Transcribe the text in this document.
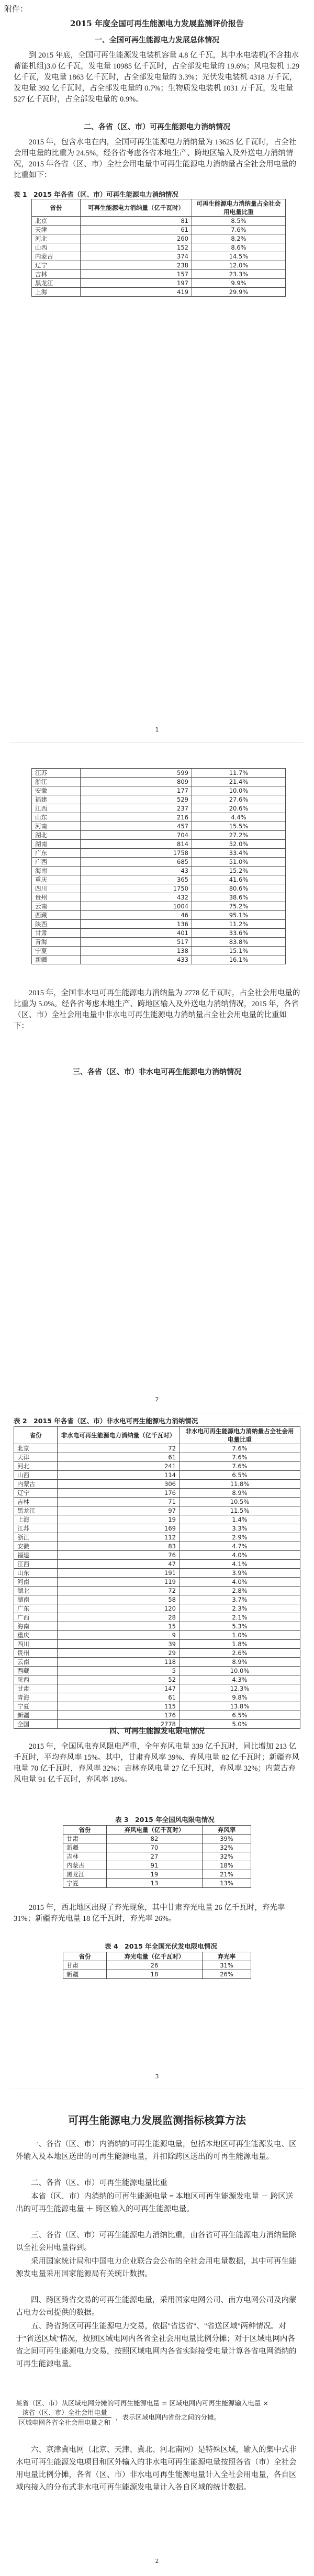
附件：
2015 年度全国可再生能源电力发展监测评价报告
一、全国可再生能源电力发展总体情况

到 2015 年底，全国可再生能源发电装机容量 4.8 亿千瓦，其中水电装机(不含抽水蓄能机组)3.0 亿千瓦，发电量 10985 亿千瓦时，占全部发电量的 19.6%；风电装机 1.29 亿千瓦，发电量 1863 亿千瓦时，占全部发电量的 3.3%；光伏发电装机 4318 万千瓦，发电量 392 亿千瓦时，占全部发电量的 0.7%；生物质发电装机 1031 万千瓦，发电量 527 亿千瓦时，占全部发电量的 0.9%。

二、各省（区、市）可再生能源电力消纳情况

2015 年，包含水电在内，全国可再生能源电力消纳量为 13625 亿千瓦时，占全社会用电量的比重为 24.5%，经各省考虑各省本地生产、跨地区输入及外送电力消纳情况，2015 年各省（区、市）全社会用电量中可再生能源电力消纳量占全社会用电量的比重如下：

表 1　2015 年各省（区、市）可再生能源电力消纳情况
省份	可再生能源电力消纳量（亿千瓦时）	可再生能源电力消纳量占全社会用电量比重
北京	81	8.5%
天津	61	7.6%
河北	260	8.2%
山西	152	8.6%
内蒙古	374	14.5%
辽宁	238	12.0%
吉林	157	23.3%
黑龙江	197	9.9%
上海	419	29.9%
1
江苏	599	11.7%
浙江	809	21.4%
安徽	177	10.0%
福建	529	27.6%
江西	237	20.6%
山东	216	4.4%
河南	457	15.5%
湖北	704	27.2%
湖南	814	52.0%
广东	1758	33.4%
广西	685	51.0%
海南	43	15.2%
重庆	365	41.6%
四川	1750	80.6%
贵州	432	38.6%
云南	1004	75.2%
西藏	46	95.1%
陕西	136	11.2%
甘肃	401	33.6%
青海	517	83.8%
宁夏	138	15.1%
新疆	433	16.1%

2015 年，全国非水电可再生能源电力消纳量为 2778 亿千瓦时，占全社会用电量的比重为 5.0%。经各省考虑本地生产、跨地区输入及外送电力消纳情况，2015 年，各省（区、市）全社会用电量中非水电可再生能源电力消纳量占全社会用电量的比重如下：

三、各省（区、市）非水电可再生能源电力消纳情况
2
表 2　2015 年各省（区、市）非水电可再生能源电力消纳情况
省份	非水电可再生能源电力消纳量（亿千瓦时）	非水电可再生能源电力消纳量占全社会用电量比重
北京	72	7.6%
天津	61	7.6%
河北	241	7.6%
山西	114	6.5%
内蒙古	306	11.8%
辽宁	176	8.9%
吉林	71	10.5%
黑龙江	97	11.5%
上海	19	1.4%
江苏	169	3.3%
浙江	112	2.9%
安徽	83	4.7%
福建	76	4.0%
江西	47	4.1%
山东	191	3.9%
河南	119	4.0%
湖北	72	2.8%
湖南	58	3.7%
广东	120	2.3%
广西	28	2.1%
海南	15	5.3%
重庆	9	1.0%
四川	39	1.8%
贵州	29	2.6%
云南	118	8.9%
西藏	5	10.0%
陕西	52	4.3%
甘肃	147	12.3%
青海	61	9.8%
宁夏	115	13.8%
新疆	176	6.5%
全国	2778	5.0%
四、可再生能源发电限电情况

2015 年，全国风电弃风限电严重，全年弃风电量 339 亿千瓦时，同比增加 213 亿千瓦时，平均弃风率 15%。其中，甘肃弃风率 39%、弃风电量 82 亿千瓦时；新疆弃风电量 70 亿千瓦时，弃风率 32%；吉林弃风电量 27 亿千瓦时，弃风率 32%；内蒙古弃风电量 91 亿千瓦时，弃风率 18%。

表 3　2015 年全国风电限电情况
省份	弃风电量（亿千瓦时）	弃风率
甘肃	82	39%
新疆	70	32%
吉林	27	32%
内蒙古	91	18%
黑龙江	19	21%
宁夏	13	13%

2015 年，西北地区出现了弃光现象，其中甘肃弃光电量 26 亿千瓦时，弃光率 31%；新疆弃光电量 18 亿千瓦时，弃光率 26%。

表 4　2015 年全国光伏发电限电情况
省份	弃光电量（亿千瓦时）	弃光率
甘肃	26	31%
新疆	18	26%
3
可再生能源电力发展监测指标核算方法

一、各省（区、市）内消纳的可再生能源电量，包括本地区可再生能源发电、区外输入及本地区送出的可再生能源电量，并扣除跨区送出的可再生能源电量。

二、各省（区、市）可再生能源电量比重

本省（区、市）内消纳的可再生能源电量 = 本地区可再生能源发电量 － 跨区送出的可再生能源电量 ＋ 跨区输入的可再生能源电量。

三、各省（区、市）可再生能源电力消纳比重，由各省可再生能源电力消纳量除以全社会用电量得到。

采用国家统计局和中国电力企业联合会公布的全社会用电量数据，其中可再生能源发电量采用国家能源局有关统计数据。

四、跨区跨省交易的可再生能源电量，采用国家电网公司、南方电网公司及内蒙古电力公司提供的数据。

五、跨省跨区可再生能源电力交易，依据"省送省"、"省送区域"两种情况。对于"省送区域"情况，按照区域电网内各省全社会用电量比例分摊；对于区域电网内各省之间可再生能源电力交易，按照区域电网内各省实际接受电量计算各省电网消纳的可再生能源电量。

某省（区、市）从区域电网分摊的可再生能源电量 = 区域电网内可再生能源输入电量 ×
$\frac{\text{该省（区、市）全社会用电量}}{\text{区域电网各省全社会用电量之和}}$ ，表示区域电网内省份之间的分摊。

六、京津冀电网（北京、天津、冀北、河北南网）是特殊区域，输入的集中式非水电可再生能源发电项目和区外输入的非水电可再生能源电量按照各省（市）全社会用电量比例分摊，各省（区、市）非水电可再生能源电量计入全社会用电量，各自区域内接入的分布式非水电可再生能源发电量计入各自区域的统计数据。

2
